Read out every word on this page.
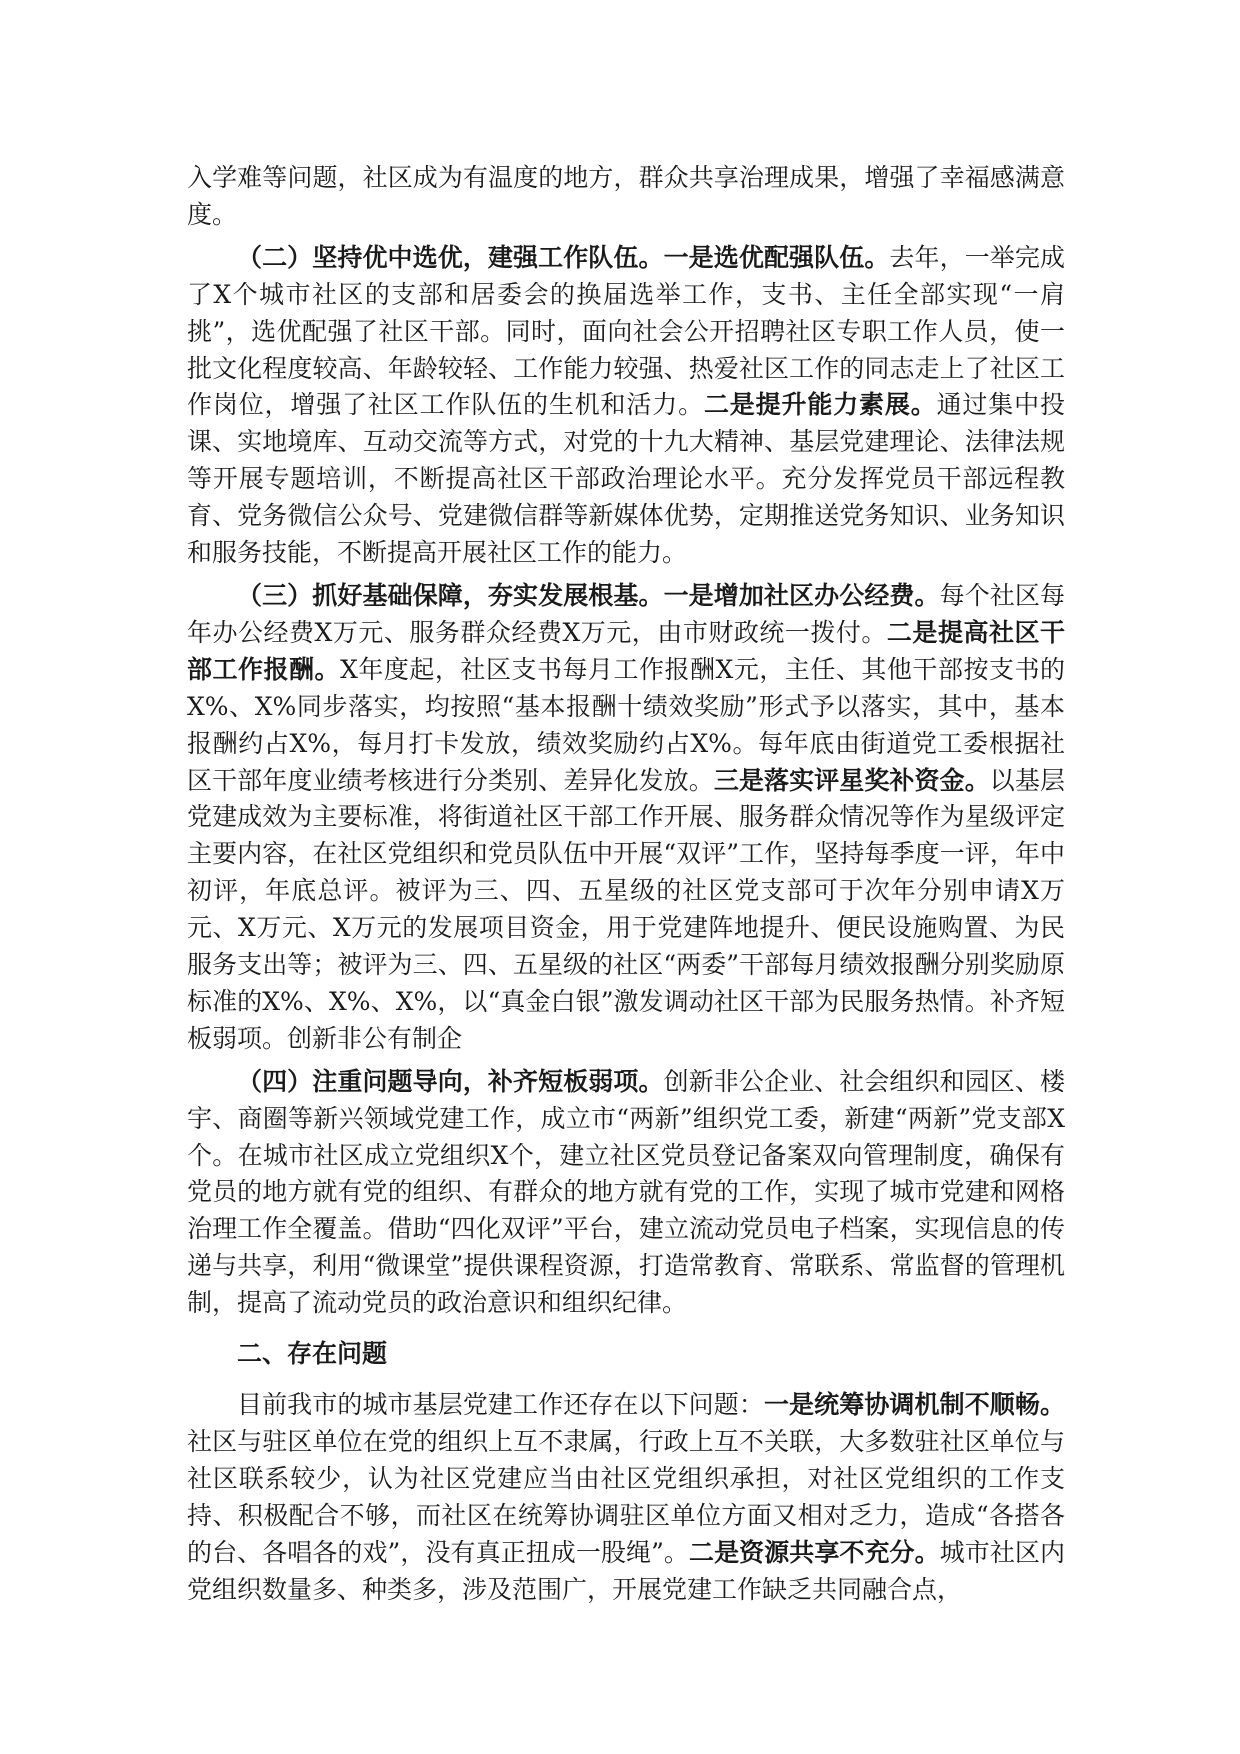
入学难等问题，社区成为有温度的地方，群众共享治理成果，增强了幸福感满意度。

（二）坚持优中选优，建强工作队伍。一是选优配强队伍。去年，一举完成了X个城市社区的支部和居委会的换届选举工作，支书、主任全部实现“一肩挑”，选优配强了社区干部。同时，面向社会公开招聘社区专职工作人员，使一批文化程度较高、年龄较轻、工作能力较强、热爱社区工作的同志走上了社区工作岗位，增强了社区工作队伍的生机和活力。二是提升能力素展。通过集中投课、实地境库、互动交流等方式，对党的十九大精神、基层党建理论、法律法规等开展专题培训，不断提高社区干部政治理论水平。充分发挥党员干部远程教育、党务微信公众号、党建微信群等新媒体优势，定期推送党务知识、业务知识和服务技能，不断提高开展社区工作的能力。

（三）抓好基础保障，夯实发展根基。一是增加社区办公经费。每个社区每年办公经费X万元、服务群众经费X万元，由市财政统一拨付。二是提高社区干部工作报酬。X年度起，社区支书每月工作报酬X元，主任、其他干部按支书的X%、X%同步落实，均按照“基本报酬十绩效奖励”形式予以落实，其中，基本报酬约占X%，每月打卡发放，绩效奖励约占X%。每年底由街道党工委根据社区干部年度业绩考核进行分类别、差异化发放。三是落实评星奖补资金。以基层党建成效为主要标准，将街道社区干部工作开展、服务群众情况等作为星级评定主要内容，在社区党组织和党员队伍中开展“双评”工作，坚持每季度一评，年中初评，年底总评。被评为三、四、五星级的社区党支部可于次年分别申请X万元、X万元、X万元的发展项目资金，用于党建阵地提升、便民设施购置、为民服务支出等；被评为三、四、五星级的社区“两委”干部每月绩效报酬分别奖励原标准的X%、X%、X%，以“真金白银”激发调动社区干部为民服务热情。补齐短板弱项。创新非公有制企

（四）注重问题导向，补齐短板弱项。创新非公企业、社会组织和园区、楼宇、商圈等新兴领域党建工作，成立市“两新”组织党工委，新建“两新”党支部X个。在城市社区成立党组织X个，建立社区党员登记备案双向管理制度，确保有党员的地方就有党的组织、有群众的地方就有党的工作，实现了城市党建和网格治理工作全覆盖。借助“四化双评”平台，建立流动党员电子档案，实现信息的传递与共享，利用“微课堂”提供课程资源，打造常教育、常联系、常监督的管理机制，提高了流动党员的政治意识和组织纪律。

二、存在问题

目前我市的城市基层党建工作还存在以下问题：一是统筹协调机制不顺畅。社区与驻区单位在党的组织上互不隶属，行政上互不关联，大多数驻社区单位与社区联系较少，认为社区党建应当由社区党组织承担，对社区党组织的工作支持、积极配合不够，而社区在统筹协调驻区单位方面又相对乏力，造成“各搭各的台、各唱各的戏”，没有真正扭成一股绳”。二是资源共享不充分。城市社区内党组织数量多、种类多，涉及范围广，开展党建工作缺乏共同融合点，
